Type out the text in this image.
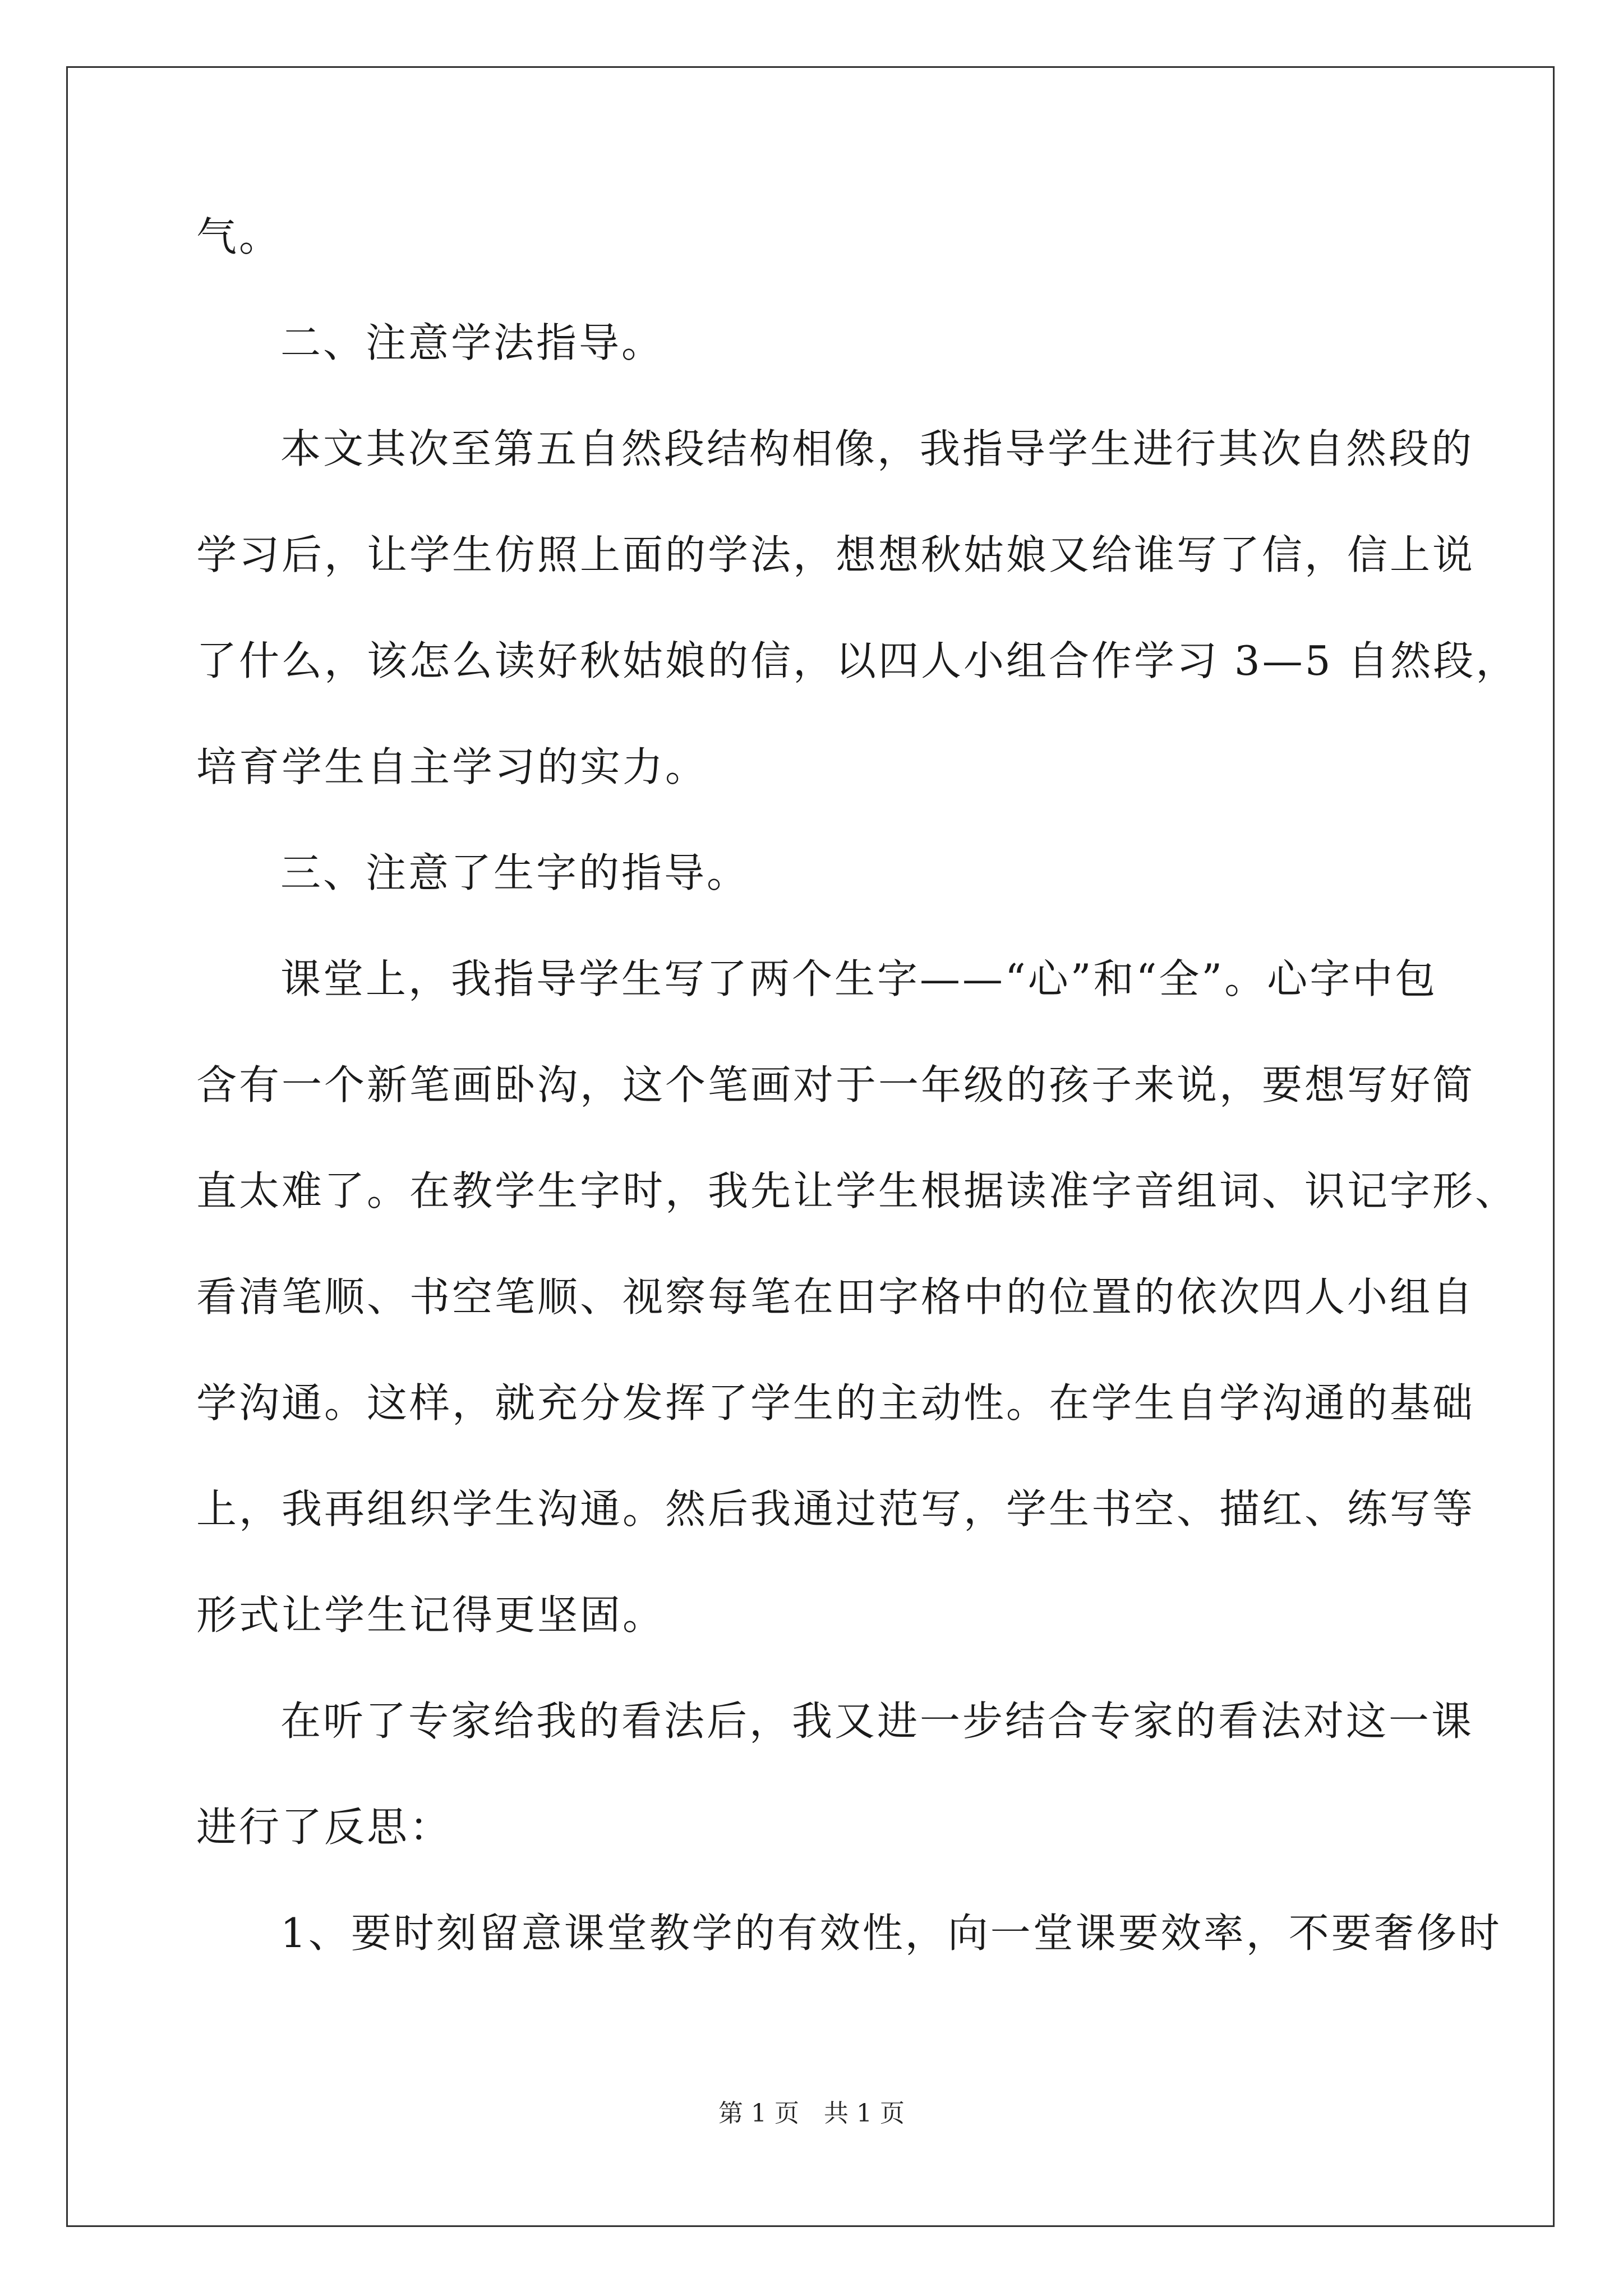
气。
二、注意学法指导。
本文其次至第五自然段结构相像，我指导学生进行其次自然段的
学习后，让学生仿照上面的学法，想想秋姑娘又给谁写了信，信上说
了什么，该怎么读好秋姑娘的信，以四人小组合作学习 3—5 自然段，
培育学生自主学习的实力。
三、注意了生字的指导。
课堂上，我指导学生写了两个生字——“心”和“全”。心字中包
含有一个新笔画卧沟，这个笔画对于一年级的孩子来说，要想写好简
直太难了。在教学生字时，我先让学生根据读准字音组词、识记字形、
看清笔顺、书空笔顺、视察每笔在田字格中的位置的依次四人小组自
学沟通。这样，就充分发挥了学生的主动性。在学生自学沟通的基础
上，我再组织学生沟通。然后我通过范写，学生书空、描红、练写等
形式让学生记得更坚固。
在听了专家给我的看法后，我又进一步结合专家的看法对这一课
进行了反思：
1、要时刻留意课堂教学的有效性，向一堂课要效率，不要奢侈时
第 1 页　共 1 页
